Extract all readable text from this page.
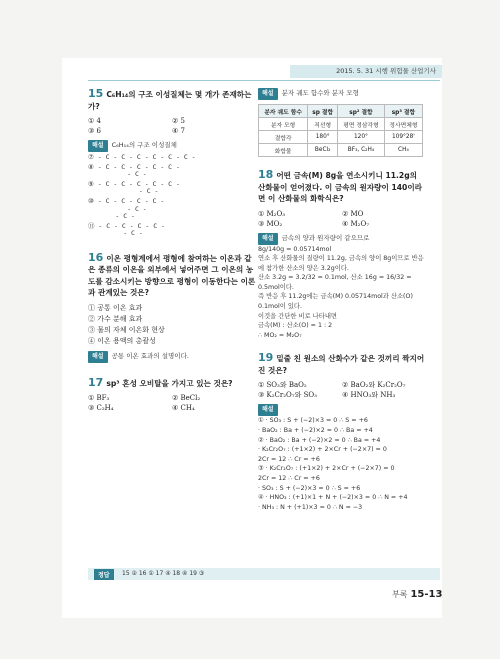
2015. 5. 31 시행 위험물 산업기사

15 C₆H₁₄의 구조 이성질체는 몇 개가 존재하는가?

① 4	② 5
③ 6	④ 7
해설 C₆H₁₄의 구조 이성질체
⑦ - C - C - C - C - C - C -
⑧ - C - C - C - C - C -
- C -
⑨ - C - C - C - C - C -
- C -
⑩ - C - C - C - C -
- C -
- C -
⑪ - C - C - C - C -
- C -

16 이온 평형계에서 평형에 참여하는 이온과 같은 종류의 이온을 외부에서 넣어주면 그 이온의 농도를 감소시키는 방향으로 평형이 이동한다는 이론과 관계있는 것은?

① 공통 이온 효과
② 가수 분해 효과
③ 물의 자체 이온화 현상
④ 이온 용액의 총괄성
해설 공통 이온 효과의 설명이다.

17 sp³ 혼성 오비탈을 가지고 있는 것은?

① BF₃	② BeCl₂
③ C₂H₄	④ CH₄
해설 분자 궤도 함수와 분자 모형
분자 궤도 함수	sp 결합	sp² 결합	sp³ 결합
분자 모형	직선형	평면 정삼각형	정사면체형
결합각	180°	120°	109°28'
화합물	BeCl₂	BF₃, C₂H₄	CH₄

18 어떤 금속(M) 8g을 연소시키니 11.2g의 산화물이 얻어졌다. 이 금속의 원자량이 140이라면 이 산화물의 화학식은?

① M₂O₃	② MO
③ MO₂	④ M₂O₇
해설 금속의 양과 원자량이 같으므로
8g/140g = 0.05714mol
연소 후 산화물의 질량이 11.2g, 금속의 양이 8g이므로 반응에 참가한 산소의 양은 3.2g이다.
산소 3.2g = 3.2/32 = 0.1mol, 산소 16g = 16/32 = 0.5mol이다.
즉 반응 후 11.2g에는 금속(M) 0.05714mol과 산소(O) 0.1mol이 있다.
이것을 간단한 비로 나타내면
금속(M) : 산소(O) = 1 : 2
∴ MO₂ = M₂O₇

19 밑줄 친 원소의 산화수가 같은 것끼리 짝지어진 것은?

① SO₃와 BaO₂	② BaO₂와 K₂Cr₂O₇
③ K₂Cr₂O₇와 SO₃	④ HNO₃와 NH₃
해설
① · SO₃ : S + (−2)×3 = 0 ∴ S = +6
· BaO₂ : Ba + (−2)×2 = 0 ∴ Ba = +4
② · BaO₂ : Ba + (−2)×2 = 0 ∴ Ba = +4
· K₂Cr₂O₇ : (+1×2) + 2×Cr + (−2×7) = 0
2Cr = 12 ∴ Cr = +6
③ · K₂Cr₂O₇ : (+1×2) + 2×Cr + (−2×7) = 0
2Cr = 12 ∴ Cr = +6
· SO₃ : S + (−2)×3 = 0 ∴ S = +6
④ · HNO₃ : (+1)×1 + N + (−2)×3 = 0 ∴ N = +4
· NH₃ : N + (+1)×3 = 0 ∴ N = −3
정답	15 ② 16 ① 17 ④ 18 ④ 19 ③
부록 15-13
